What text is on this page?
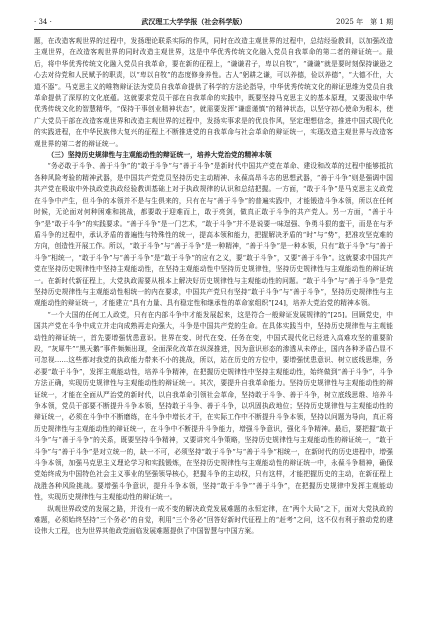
· 34 ·	武汉理工大学学报（社会科学版）	2025 年　第 1 期

题，在改造客观世界的过程中，发扬理论联系实际的作风，同时在改造主观世界的过程中，总结经验教训，以加强改造主观世界，在改造客观世界的同时改造主观世界，这是中华优秀传统文化融入党员自我革命的第二者的辩证统一。最后，将中华优秀传统文化融入党员自我革命，要在新的征程上，“谦谦君子，卑以自牧”，“谦谦”就是要时刻保持谦逊之心去对待党和人民赋予的职责，以“卑以自牧”的态度修身养性。古人“躬耕之谦，可以养德，俭以养德”，“大德不仕，大道不器”。马克思主义的唯物辩证法为党员自我革命提供了科学的方法论指导，中华优秀传统文化的辩证思维为党员自我革命提供了深厚的文化底蕴。这就要求党员干部在自我革命的实践中，既要坚持马克思主义的基本原理，又要汲取中华优秀传统文化的智慧精华，“保持干事创业精神状态”，就需要发挥“谦虚谨慎”的精神状态，以坚守初心使命为根本，使广大党员干部在改造客观世界和改造主观世界的过程中，发扬实事求是的优良作风，坚定理想信念，推进中国式现代化的实践进程，在中华民族伟大复兴的征程上不断推进党的自我革命与社会革命的辩证统一，实现改造主观世界与改造客观世界的第二者的辩证统一。

（三）坚持历史规律性与主观能动性的辩证统一，培养大党治党的精神本领

“务必敢于斗争、善于斗争”的“敢于斗争”与“善于斗争”是新时代中国共产党在革命、建设和改革的过程中能够抵抗各种风险考验的精神武器，是中国共产党党员坚持历史主动精神、永葆高昂斗志的思想武器，“善于斗争”则是强调中国共产党在吸取中外执政党执政经验教训基础上对于执政规律的认识和总结把握。一方面，“敢于斗争”是马克思主义政党在斗争中产生，但斗争的本领并不是与生俱来的，只有在与“善于斗争”的普遍实践中，才能锻造斗争本领，所以在任何时候，无论面对何种困难和挑战，都要敢于迎难而上，敢于亮剑，做真正敢于斗争的共产党人。另一方面，“善于斗争”是“敢于斗争”的实践要求。“善于斗争”是一门艺术，“敢于斗争”并不是说要一味逞强、争勇斗狠的蛮干，而是在与矛盾斗争的过程中，承认矛盾的普遍性与特殊性的统一，提高本领和能力，把握解决矛盾的“时”与“势”，把准攻坚克难的方向，创造性开展工作。所以，“敢于斗争”与“善于斗争”是一种精神，“善于斗争”是一种本领，只有“敢于斗争”与“善于斗争”相统一，“敢于斗争”与“善于斗争”是“敢于斗争”的应有之义，要“敢于斗争”，又要“善于斗争”。这就要求中国共产党在坚持历史规律性中坚持主观能动性，在坚持主观能动性中坚持历史规律性，坚持历史规律性与主观能动性的辩证统一。在新时代新征程上，大党执政需要从根本上解决好历史规律性与主观能动性的问题。“敢于斗争”与“善于斗争”是党坚持历史规律性与主观能动性相统一的内在要求，中国共产党只有坚持“敢于斗争”与“善于斗争”，坚持历史规律性与主观能动性的辩证统一，才能建立“具有力量、具有稳定性和继承性的革命家组织”[24]，培养大党治党的精神本领。

“一个大国的任何工人政党，只有在内部斗争中才能发展起来，这是符合一般辩证发展规律的”[25]。回顾党史，中国共产党在斗争中成立并走向成熟再走向强大，斗争是中国共产党的生命。在具体实践当中，坚持历史规律性与主观能动性的辩证统一，首先要增强忧患意识。世界在变、时代在变、任务在变，中国式现代化已经进入高难攻坚的重要阶段，“灰犀牛”“黑天鹅”事件频频出现，全面深化改革在纵深推进，因为意识形态的渗透从未停止，国内各种矛盾凸显不可忽视……这些都对我党的执政能力带来不小的挑战，所以，站在历史的方位中，要增强忧患意识、树立底线思维，务必要“敢于斗争”，发挥主观能动性，培养斗争精神，在把握历史规律性中坚持主观能动性，始终做到“善于斗争”，斗争方法正确，实现历史规律性与主观能动性的辩证统一。其次，要提升自我革命能力。坚持历史规律性与主观能动性的辩证统一，才能在全面从严治党的新时代，以自我革命引领社会革命，坚持敢于斗争、善于斗争，树立底线思维、培养斗争本领，党员干部要不断提升斗争本领，坚持敢于斗争、善于斗争，以巩固执政地位；坚持历史规律性与主观能动性的辩证统一，必须在斗争中不断磨练，在斗争中增长才干，在实际工作中不断提升斗争本领，坚持以问题为导向，真正将历史规律性与主观能动性的辩证统一，在斗争中不断提升斗争能力，增强斗争意识，强化斗争精神。最后，要把握“敢于斗争”与“善于斗争”的关系，既要坚持斗争精神，又要讲究斗争策略，坚持历史规律性与主观能动性的辩证统一，“敢于斗争”与“善于斗争”是对立统一的，缺一不可，必须坚持“敢于斗争”与“善于斗争”相统一，在新时代的历史进程中，增强斗争本领，加强马克思主义理论学习和实践锻炼，在坚持历史规律性与主观能动性的辩证统一中，永葆斗争精神，确保党始终成为中国特色社会主义事业的坚强领导核心，把握斗争的主动权，只有这样，才能把握历史的主动，在新征程上战胜各种风险挑战。要增强斗争意识，提升斗争本领，坚持“敢于斗争”“善于斗争”，在把握历史规律中发挥主观能动性，实现历史规律性与主观能动性的辩证统一。

纵观世界政党的发展之路，并没有一成不变的解决政党发展难题的永恒定律，在“两个大局”之下，面对大党执政的难题，必须始终坚持“三个务必”的自觉，利用“三个务必”回答好新时代征程上的“赶考”之问，这不仅有利于推动党的建设伟大工程，也为世界其他政党面临发展难题提供了中国智慧与中国方案。
